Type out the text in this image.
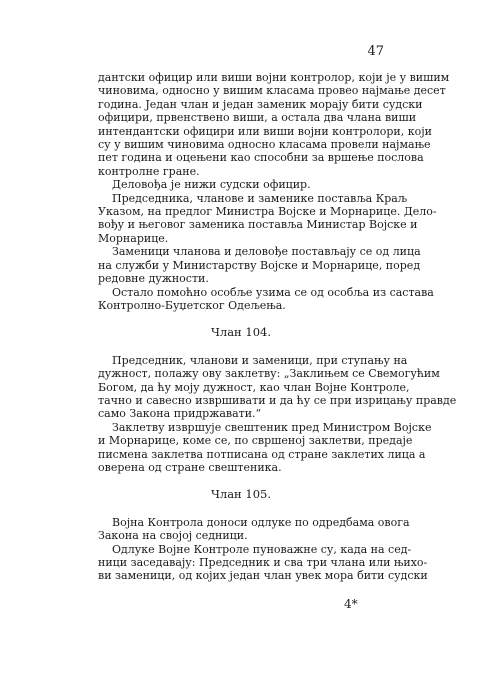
47
дантски официр или виши војни контролор, који је у вишим
чиновима, односно у вишим класама провео најмање десет
година. Један члан и један заменик морају бити судски
официри, првенствено виши, а остала два члана виши
интендантски официри или виши војни контролори, који
су у вишим чиновима односно класама провели најмање
пет година и оцењени као способни за вршење послова
контролне гране.
Деловођа је нижи судски официр.
Председника, чланове и заменике поставља Краљ
Указом, на предлог Министра Војске и Морнарице. Дело-
вођу и његовог заменика поставља Министар Војске и
Морнарице.
Заменици чланова и деловође постављају се од лица
на служби у Министарству Војске и Морнарице, поред
редовне дужности.
Остало помоћно особље узима се од особља из састава
Контролно-Буџетског Одељења.

Члан 104.

Председник, чланови и заменици, при ступању на
дужност, полажу ову заклетву: „Заклињем се Свемогућим
Богом, да ћу моју дужност, као члан Војне Контроле,
тачно и савесно извршивати и да ћу се при изрицању правде
само Закона придржавати.“
Заклетву извршује свештеник пред Министром Војске
и Морнарице, коме се, по свршеној заклетви, предаје
писмена заклетва потписана од стране заклетих лица а
оверена од стране свештеника.

Члан 105.

Војна Контрола доноси одлуке по одредбама овога
Закона на својој седници.
Одлуке Војне Контроле пуноважне су, када на сед-
ници заседавају: Председник и сва три члана или њихо-
ви заменици, од којих један члан увек мора бити судски
4*
